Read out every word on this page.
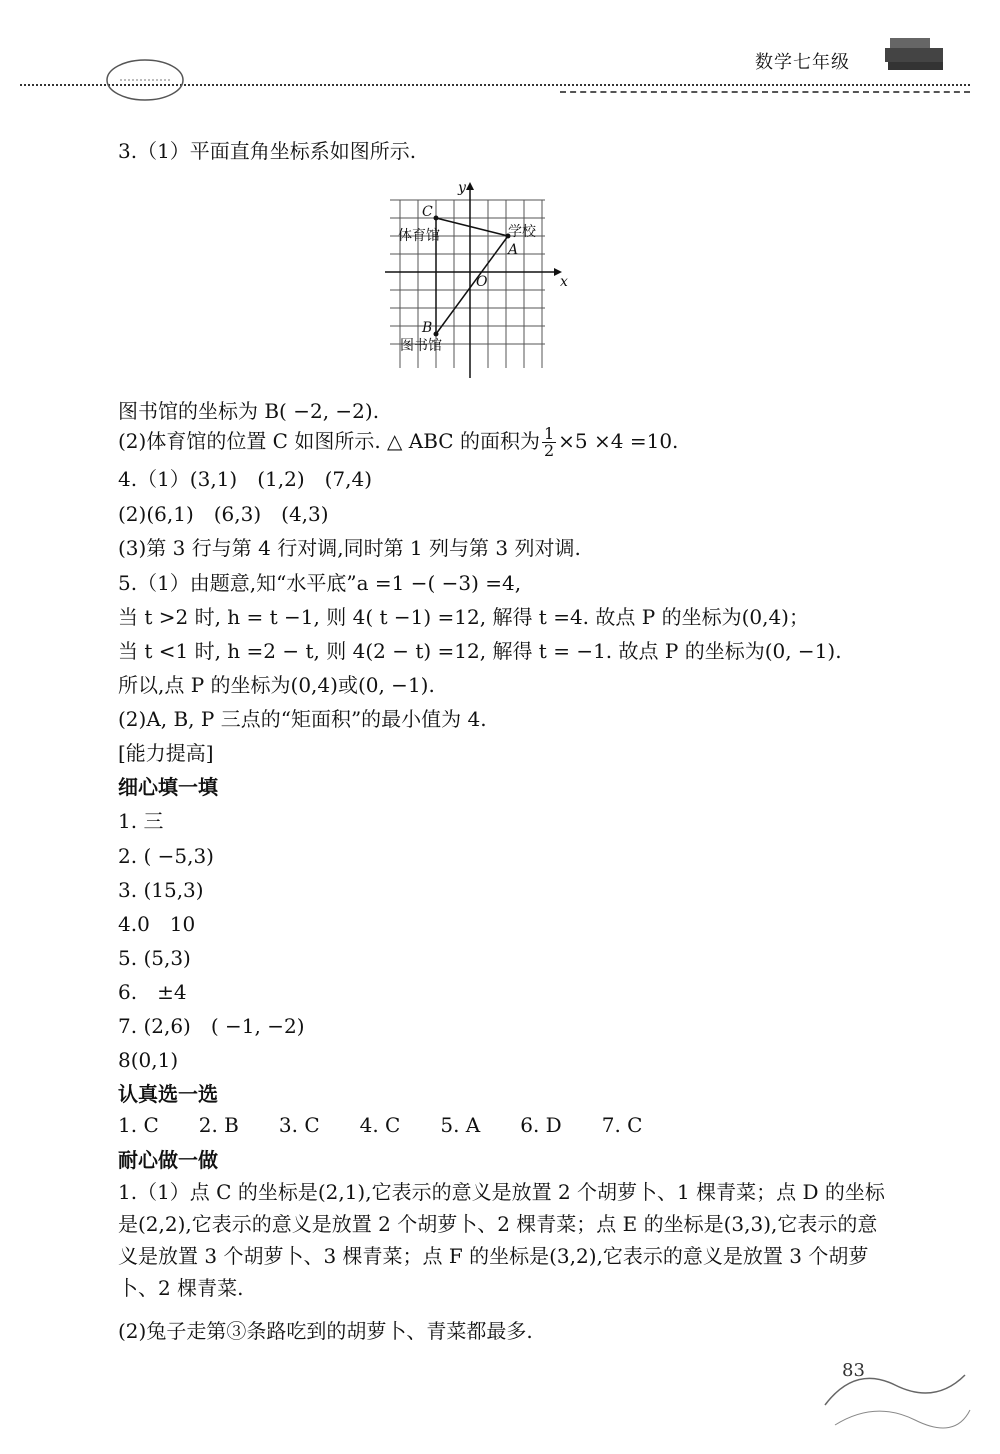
数学七年级
3.（1）平面直角坐标系如图所示.
y
x
O
C
A
B
体育馆	学校
图书馆
图书馆的坐标为 B( −2, −2).
(2)体育馆的位置 C 如图所示. △ ABC 的面积为 $\frac{1}{2} \times 5 \times 4 =10$.
4.（1）(3,1)　(1,2)　(7,4)
(2)(6,1)　(6,3)　(4,3)
(3)第 3 行与第 4 行对调,同时第 1 列与第 3 列对调.
5.（1）由题意,知“水平底”a =1 −( −3) =4,
当 t >2 时, h = t −1, 则 4( t −1) =12, 解得 t =4. 故点 P 的坐标为(0,4)；
当 t <1 时, h =2 − t, 则 4(2 − t) =12, 解得 t = −1. 故点 P 的坐标为(0, −1).
所以,点 P 的坐标为(0,4)或(0, −1).
(2)A, B, P 三点的“矩面积”的最小值为 4.
[能力提高]
细心填一填
1. 三
2. ( −5,3)
3. (15,3)
4.0　10
5. (5,3)
6.　±4
7. (2,6)　( −1, −2)
8(0,1)
认真选一选
1. C　　2. B　　3. C　　4. C　　5. A　　6. D　　7. C
耐心做一做
1.（1）点 C 的坐标是(2,1),它表示的意义是放置 2 个胡萝卜、1 棵青菜；点 D 的坐标是(2,2),它表示的意义是放置 2 个胡萝卜、2 棵青菜；点 E 的坐标是(3,3),它表示的意义是放置 3 个胡萝卜、3 棵青菜；点 F 的坐标是(3,2),它表示的意义是放置 3 个胡萝卜、2 棵青菜.
(2)兔子走第③条路吃到的胡萝卜、青菜都最多.
83
